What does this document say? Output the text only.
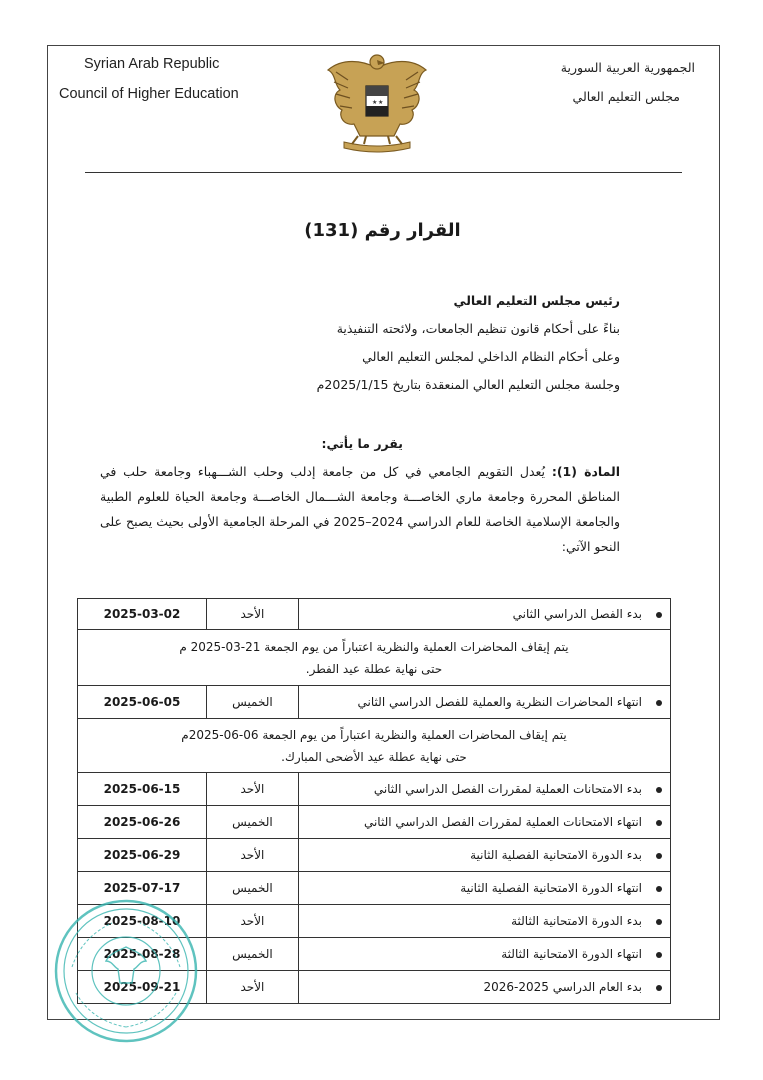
Syrian Arab Republic
Council of Higher Education
الجمهورية العربية السورية
مجلس التعليم العالي
★ ★
القرار رقم (131)
رئيس مجلس التعليم العالي
بناءً على أحكام قانون تنظيم الجامعات، ولائحته التنفيذية
وعلى أحكام النظام الداخلي لمجلس التعليم العالي
وجلسة مجلس التعليم العالي المنعقدة بتاريخ 2025/1/15م
يقرر ما يأتي:
المادة (1): يُعدل التقويم الجامعي في كل من جامعة إدلب وحلب الشـــهباء وجامعة حلب في المناطق المحررة وجامعة ماري الخاصـــة وجامعة الشـــمال الخاصـــة وجامعة الحياة للعلوم الطبية والجامعة الإسلامية الخاصة للعام الدراسي 2024–2025 في المرحلة الجامعية الأولى بحيث يصبح على النحو الآتي:
بدء الفصل الدراسي الثاني	الأحد	2025-03-02

يتم إيقاف المحاضرات العملية والنظرية اعتباراً من يوم الجمعة 21-03-2025 م
حتى نهاية عطلة عيد الفطر.		

انتهاء المحاضرات النظرية والعملية للفصل الدراسي الثاني	الخميس	2025-06-05

يتم إيقاف المحاضرات العملية والنظرية اعتباراً من يوم الجمعة 06-06-2025م
حتى نهاية عطلة عيد الأضحى المبارك.		

بدء الامتحانات العملية لمقررات الفصل الدراسي الثاني	الأحد	2025-06-15
انتهاء الامتحانات العملية لمقررات الفصل الدراسي الثاني	الخميس	2025-06-26
بدء الدورة الامتحانية الفصلية الثانية	الأحد	2025-06-29
انتهاء الدورة الامتحانية الفصلية الثانية	الخميس	2025-07-17
بدء الدورة الامتحانية الثالثة	الأحد	2025-08-10
انتهاء الدورة الامتحانية الثالثة	الخميس	2025-08-28
بدء العام الدراسي 2025-2026	الأحد	2025-09-21
